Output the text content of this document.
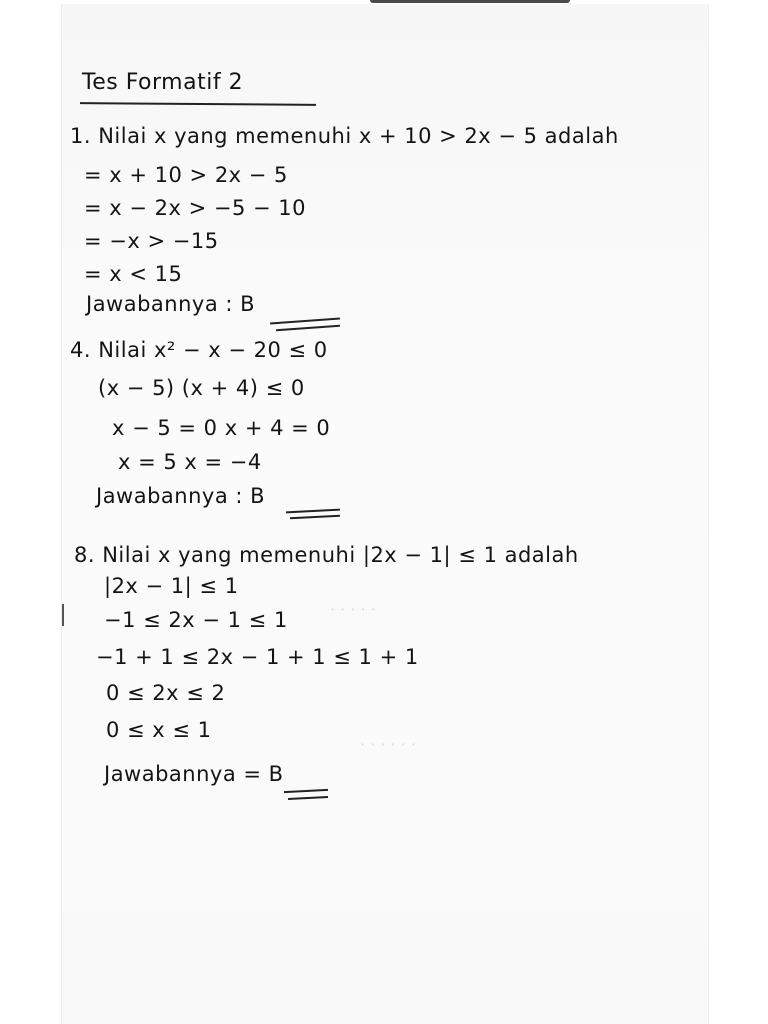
· · · · ·
· · · · · ·
Tes Formatif 2
1. Nilai x yang memenuhi x + 10 > 2x − 5 adalah
= x + 10 > 2x − 5
= x − 2x > −5 − 10
= −x > −15
= x < 15
Jawabannya : B
4. Nilai x² − x − 20 ≤ 0
(x − 5) (x + 4) ≤ 0
x − 5 = 0 x + 4 = 0
x = 5 x = −4
Jawabannya : B
8. Nilai x yang memenuhi |2x − 1| ≤ 1 adalah
|2x − 1| ≤ 1
−1 ≤ 2x − 1 ≤ 1
−1 + 1 ≤ 2x − 1 + 1 ≤ 1 + 1
0 ≤ 2x ≤ 2
0 ≤ x ≤ 1
Jawabannya = B
